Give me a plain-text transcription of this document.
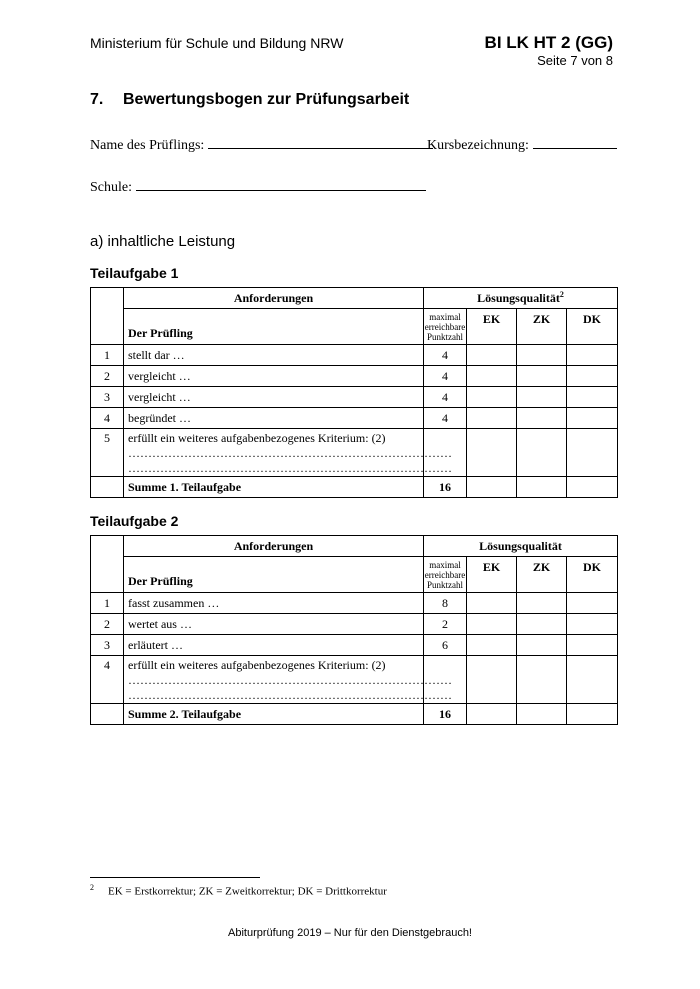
Ministerium für Schule und Bildung NRW	BI LK HT 2 (GG)
Seite 7 von 8
7. Bewertungsbogen zur Prüfungsarbeit
Name des Prüflings:	Kursbezeichnung:
Schule:
a) inhaltliche Leistung
Teilaufgabe 1
	Anforderungen	Lösungsqualität$^2$
	Der Prüfling	maximal erreichbare Punktzahl	EK	ZK	DK
1	stellt dar …	4			
2	vergleicht …	4			
3	vergleicht …	4			
4	begründet …	4			
5	erfüllt ein weiteres aufgabenbezogenes Kriterium: (2)
………………………………………………………………………
………………………………………………………………………				

	Summe 1. Teilaufgabe	16			
Teilaufgabe 2
	Anforderungen	Lösungsqualität			
	Der Prüfling	maximal erreichbare Punktzahl	EK	ZK	DK
1	fasst zusammen …	8			
2	wertet aus …	2			
3	erläutert …	6			
4	erfüllt ein weiteres aufgabenbezogenes Kriterium: (2)
………………………………………………………………………
………………………………………………………………………				

	Summe 2. Teilaufgabe	16			
$^2$ EK = Erstkorrektur; ZK = Zweitkorrektur; DK = Drittkorrektur
Abiturprüfung 2019 – Nur für den Dienstgebrauch!
